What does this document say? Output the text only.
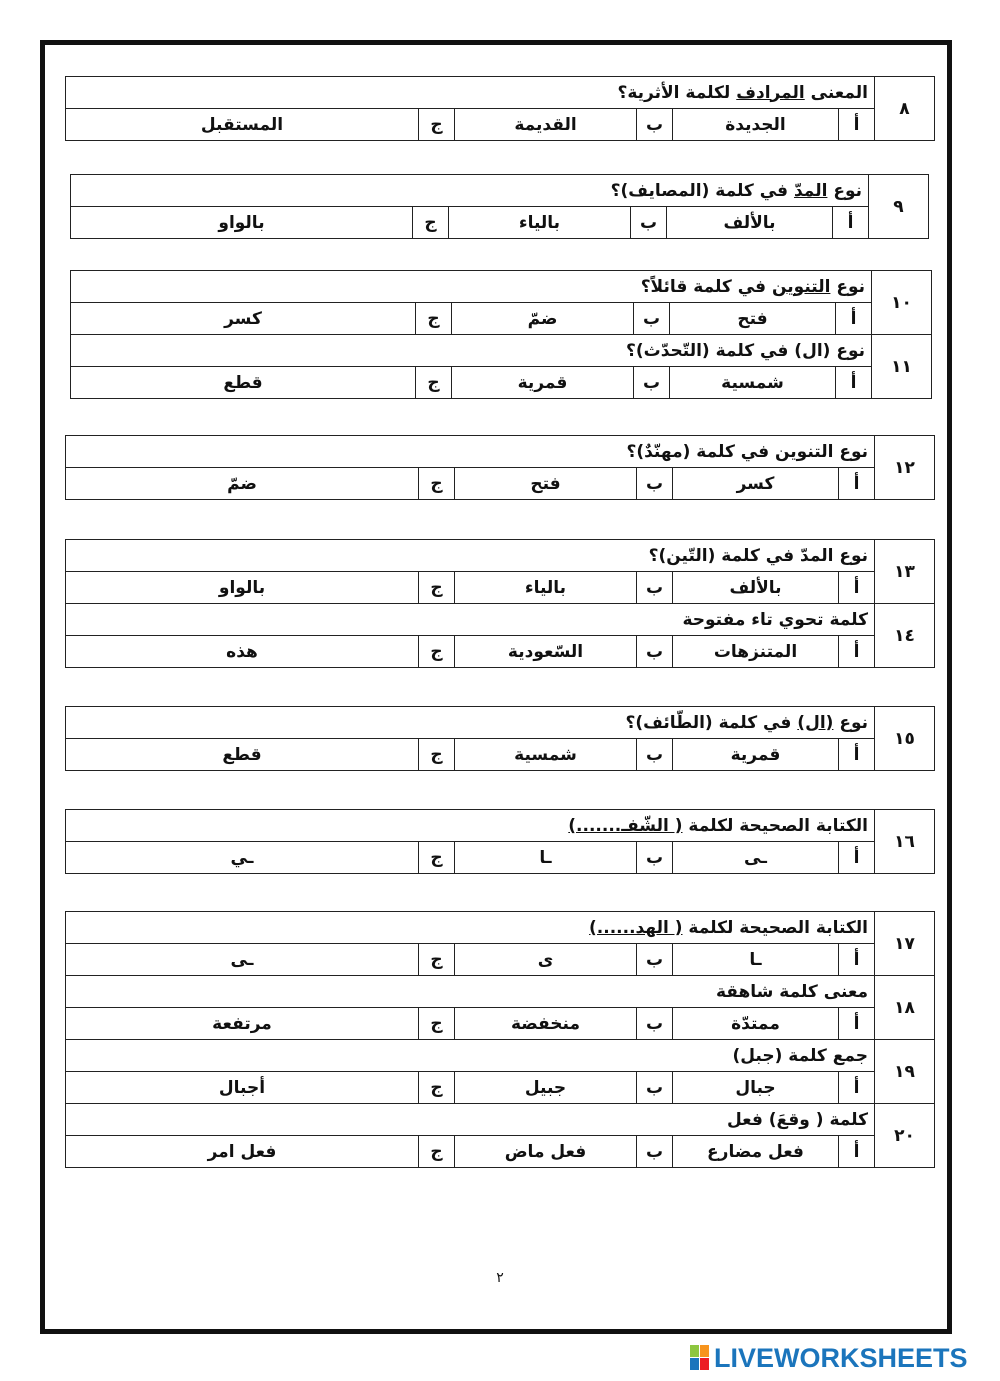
٨	المعنى المرادف لكلمة الأثرية؟					
	أ	الجديدة	ب	القديمة	ج	المستقبل
٩	نوع المدّ في كلمة (المصايف)؟					
	أ	بالألف	ب	بالياء	ج	بالواو
١٠	نوع التنوين في كلمة قائلاً؟					
	أ	فتح	ب	ضمّ	ج	كسر
١١	نوع (ال) في كلمة (التّحدّث)؟					
	أ	شمسية	ب	قمرية	ج	قطع
١٢	نوع التنوين في كلمة (مهنّدٌ)؟					
	أ	كسر	ب	فتح	ج	ضمّ
١٣	نوع المدّ في كلمة (التّين)؟					
	أ	بالألف	ب	بالياء	ج	بالواو
١٤	كلمة تحوي تاء مفتوحة					
	أ	المتنزهات	ب	السّعودية	ج	هذه
١٥	نوع (ال) في كلمة (الطّائف)؟					
	أ	قمرية	ب	شمسية	ج	قطع
١٦	الكتابة الصحيحة لكلمة ( الشّفـ.......)					
	أ	ـى	ب	ـا	ج	ـي
١٧	الكتابة الصحيحة لكلمة ( الهد......)					
	أ	ـا	ب	ى	ج	ـى
١٨	معنى كلمة شاهقة					
	أ	ممتدّة	ب	منخفضة	ج	مرتفعة
١٩	جمع كلمة (جبل)					
	أ	جبال	ب	جبيل	ج	أجبال
٢٠	كلمة ( وقعَ) فعل					
	أ	فعل مضارع	ب	فعل ماض	ج	فعل امر
٢
LIVEWORKSHEETS
